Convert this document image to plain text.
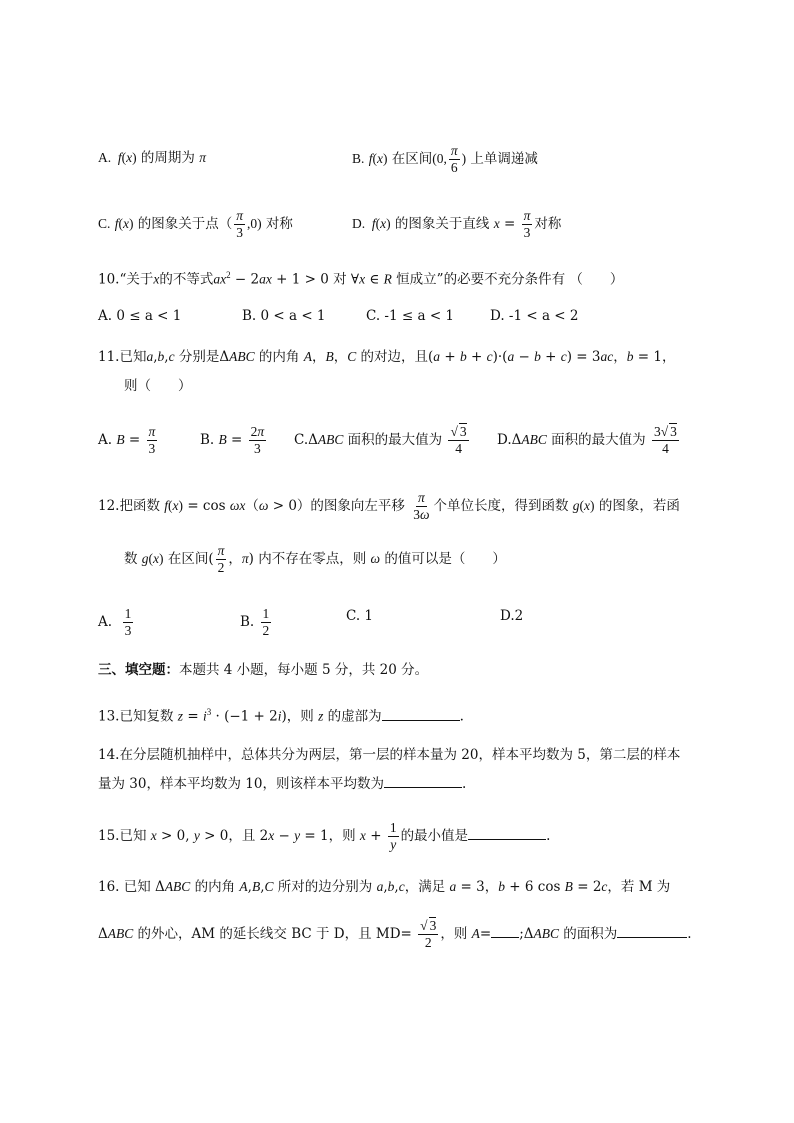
A.  f(x) 的周期为 π	B. f(x) 在区间(0, $\frac{\pi}{6}$ ) 上单调递减
C. f(x) 的图象关于点（ $\frac{\pi}{3} ,0$) 对称	D.  f(x) 的图象关于直线 $x = \frac{\pi}{3}$ 对称
10.“关于x的不等式$ax^2 - 2ax + 1 > 0$ 对 ∀x ∈ R 恒成立”的必要不充分条件有 （　　）
A. 0 ≤ a < 1	B. 0 < a < 1	C. -1 ≤ a < 1	D. -1 < a < 2
11.已知a,b,c 分别是ΔABC 的内角 A，B，C 的对边，且(a + b + c)·(a − b + c) = 3ac，b = 1，
则（　　）
A. $B = \frac{\pi}{3}$	B. $B = \frac{2\pi}{3} C.\Delta ABC$ 面积的最大值为 $\frac{√ 3}{4} D.\Delta ABC$ 面积的最大值为 $\frac{3√ 3}{4}$
12.把函数 f(x) = cos ωx（ω > 0）的图象向左平移 $\frac{\pi}{3\omega}$ 个单位长度，得到函数 g(x) 的图象，若函
数 g(x) 在区间( $\frac{\pi}{2}$ ，π) 内不存在零点，则 ω 的值可以是（　　）
A. $\frac{1}{3}$	B. $\frac{1}{2}$	C. 1	D.2
三、填空题：本题共 4 小题，每小题 5 分，共 20 分。
13.已知复数 $z = i^3 \cdot (-1 + 2i)$，则 z 的虚部为	.
14.在分层随机抽样中，总体共分为两层，第一层的样本量为 20，样本平均数为 5，第二层的样本
量为 30，样本平均数为 10，则该样本平均数为	.
15.已知 x > 0, y > 0，且 2x − y = 1，则 $x + \frac{1}{y}$ 的最小值是	.
16. 已知 ΔABC 的内角 A,B,C 所对的边分别为 a,b,c，满足 a = 3，b + 6 cos B = 2c，若 M 为
ΔABC 的外心，AM 的延长线交 BC 于 D，且 $MD= \frac{√ 3}{2}$ ，则 A= ;ΔABC 的面积为	.
